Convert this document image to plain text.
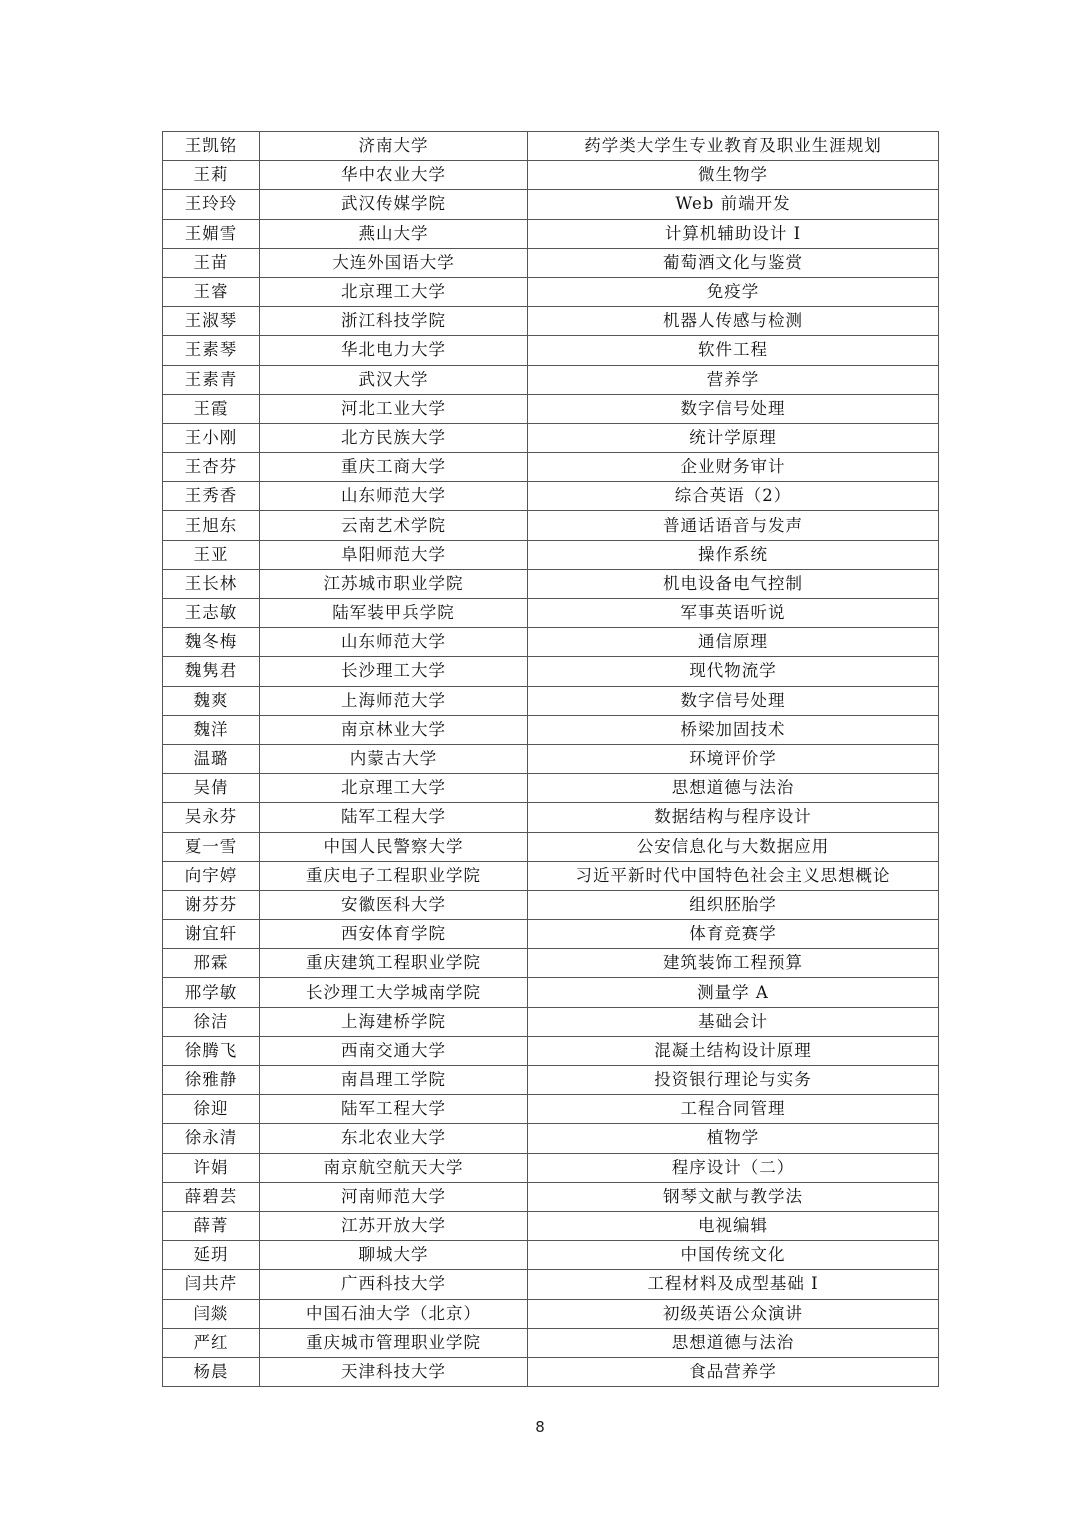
王凯铭	济南大学	药学类大学生专业教育及职业生涯规划
王莉	华中农业大学	微生物学
王玲玲	武汉传媒学院	Web 前端开发
王媚雪	燕山大学	计算机辅助设计 I
王苗	大连外国语大学	葡萄酒文化与鉴赏
王睿	北京理工大学	免疫学
王淑琴	浙江科技学院	机器人传感与检测
王素琴	华北电力大学	软件工程
王素青	武汉大学	营养学
王霞	河北工业大学	数字信号处理
王小刚	北方民族大学	统计学原理
王杏芬	重庆工商大学	企业财务审计
王秀香	山东师范大学	综合英语（2）
王旭东	云南艺术学院	普通话语音与发声
王亚	阜阳师范大学	操作系统
王长林	江苏城市职业学院	机电设备电气控制
王志敏	陆军装甲兵学院	军事英语听说
魏冬梅	山东师范大学	通信原理
魏隽君	长沙理工大学	现代物流学
魏爽	上海师范大学	数字信号处理
魏洋	南京林业大学	桥梁加固技术
温璐	内蒙古大学	环境评价学
吴倩	北京理工大学	思想道德与法治
吴永芬	陆军工程大学	数据结构与程序设计
夏一雪	中国人民警察大学	公安信息化与大数据应用
向宇婷	重庆电子工程职业学院	习近平新时代中国特色社会主义思想概论
谢芬芬	安徽医科大学	组织胚胎学
谢宜轩	西安体育学院	体育竞赛学
邢霖	重庆建筑工程职业学院	建筑装饰工程预算
邢学敏	长沙理工大学城南学院	测量学 A
徐洁	上海建桥学院	基础会计
徐腾飞	西南交通大学	混凝土结构设计原理
徐雅静	南昌理工学院	投资银行理论与实务
徐迎	陆军工程大学	工程合同管理
徐永清	东北农业大学	植物学
许娟	南京航空航天大学	程序设计（二）
薛碧芸	河南师范大学	钢琴文献与教学法
薛菁	江苏开放大学	电视编辑
延玥	聊城大学	中国传统文化
闫共芹	广西科技大学	工程材料及成型基础 I
闫燚	中国石油大学（北京）	初级英语公众演讲
严红	重庆城市管理职业学院	思想道德与法治
杨晨	天津科技大学	食品营养学
8
